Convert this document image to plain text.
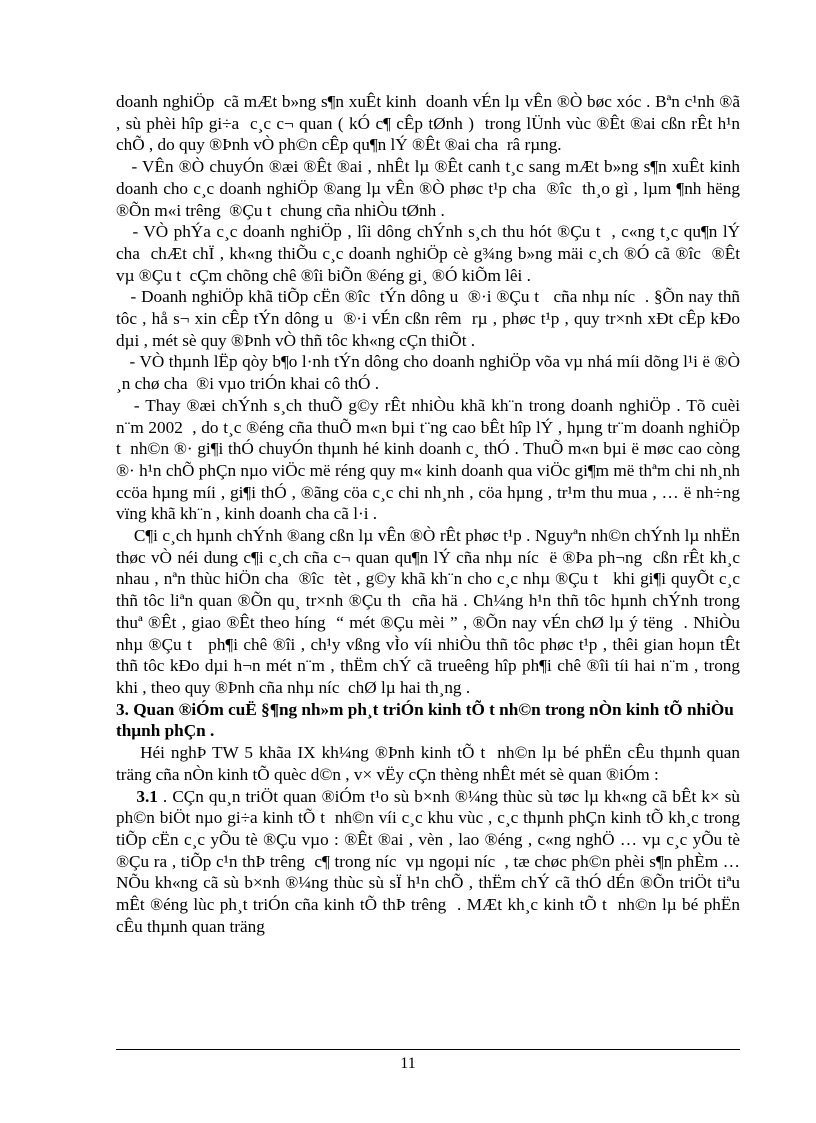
doanh nghiÖp  cã mÆt b»ng s¶n xuÊt kinh  doanh vÉn lµ vÊn ®Ò bøc xóc . Bªn c¹nh ®ã , sù phèi hîp gi÷a  c¸c c¬ quan ( kÓ c¶ cÊp tØnh )  trong lÜnh vùc ®Êt ®ai cßn rÊt h¹n chÕ , do quy ®Þnh vÒ ph©n cÊp qu¶n lÝ ®Êt ®ai cha  râ rµng.

- VÊn ®Ò chuyÓn ®æi ®Êt ®ai , nhÊt lµ ®Êt canh t¸c sang mÆt b»ng s¶n xuÊt kinh doanh cho c¸c doanh nghiÖp ®ang lµ vÊn ®Ò phøc t¹p cha  ®îc  th¸o gì , lµm ¶nh hëng  ®Õn m«i trêng  ®Çu t  chung cña nhiÒu tØnh .

- VÒ phÝa c¸c doanh nghiÖp , lîi dông chÝnh s¸ch thu hót ®Çu t  , c«ng t¸c qu¶n lÝ cha  chÆt chÏ , kh«ng thiÕu c¸c doanh nghiÖp cè g¾ng b»ng mäi c¸ch ®Ó cã ®îc  ®Êt vµ ®Çu t  cÇm chõng chê ®îi biÕn ®éng gi¸ ®Ó kiÕm lêi .

- Doanh nghiÖp khã tiÕp cËn ®îc  tÝn dông u  ®·i ®Çu t   cña nhµ níc  . §Õn nay thñ tôc , hå s¬ xin cÊp tÝn dông u  ®·i vÉn cßn rêm  rµ , phøc t¹p , quy tr×nh xÐt cÊp kÐo dµi , mét sè quy ®Þnh vÒ thñ tôc kh«ng cÇn thiÕt .

- VÒ thµnh lËp qòy b¶o l·nh tÝn dông cho doanh nghiÖp võa vµ nhá míi dõng l¹i ë ®Ò ¸n chø cha  ®i vµo triÓn khai cô thÓ .

- Thay ®æi chÝnh s¸ch thuÕ g©y rÊt nhiÒu khã kh¨n trong doanh nghiÖp . Tõ cuèi n¨m 2002  , do t¸c ®éng cña thuÕ m«n bµi t¨ng cao bÊt hîp lÝ , hµng tr¨m doanh nghiÖp t  nh©n ®· gi¶i thÓ chuyÓn thµnh hé kinh doanh c¸ thÓ . ThuÕ m«n bµi ë møc cao còng ®· h¹n chÕ phÇn nµo viÖc më réng quy m« kinh doanh qua viÖc gi¶m më thªm chi nh¸nh ccöa hµng míi , gi¶i thÓ , ®ãng cöa c¸c chi nh¸nh , cöa hµng , tr¹m thu mua , … ë nh÷ng vïng khã kh¨n , kinh doanh cha cã l·i .

C¶i c¸ch hµnh chÝnh ®ang cßn lµ vÊn ®Ò rÊt phøc t¹p . Nguyªn nh©n chÝnh lµ nhËn thøc vÒ néi dung c¶i c¸ch cña c¬ quan qu¶n lÝ cña nhµ níc  ë ®Þa ph¬ng  cßn rÊt kh¸c nhau , nªn thùc hiÖn cha  ®îc  tèt , g©y khã kh¨n cho c¸c nhµ ®Çu t   khi gi¶i quyÕt c¸c thñ tôc liªn quan ®Õn qu¸ tr×nh ®Çu th  cña hä . Ch¼ng h¹n thñ tôc hµnh chÝnh trong thuª ®Êt , giao ®Êt theo híng  “ mét ®Çu mèi ” , ®Õn nay vÉn chØ lµ ý tëng  . NhiÒu nhµ ®Çu t   ph¶i chê ®îi , ch¹y vßng vÌo víi nhiÒu thñ tôc phøc t¹p , thêi gian hoµn tÊt thñ tôc kÐo dµi h¬n mét n¨m , thËm chÝ cã trueêng hîp ph¶i chê ®îi tíi hai n¨m , trong khi , theo quy ®Þnh cña nhµ níc  chØ lµ hai th¸ng .

3. Quan ®iÓm cuË §¶ng nh»m ph¸t triÓn kinh tÕ t nh©n trong nÒn kinh tÕ nhiÒu thµnh phÇn .

Héi nghÞ TW 5 khãa IX kh¼ng ®Þnh kinh tÕ t  nh©n lµ bé phËn cÊu thµnh quan träng cña nÒn kinh tÕ quèc d©n , v× vËy cÇn thèng nhÊt mét sè quan ®iÓm :

3.1 . CÇn qu¸n triÖt quan ®iÓm t¹o sù b×nh ®¼ng thùc sù tøc lµ kh«ng cã bÊt k× sù ph©n biÖt nµo gi÷a kinh tÕ t  nh©n víi c¸c khu vùc , c¸c thµnh phÇn kinh tÕ kh¸c trong tiÕp cËn c¸c yÕu tè ®Çu vµo : ®Êt ®ai , vèn , lao ®éng , c«ng nghÖ … vµ c¸c yÕu tè ®Çu ra , tiÕp c¹n thÞ trêng  c¶ trong níc  vµ ngoµi níc  , tæ chøc ph©n phèi s¶n phÈm … NÕu kh«ng cã sù b×nh ®¼ng thùc sù sÏ h¹n chÕ , thËm chÝ cã thÓ dÉn ®Õn triÖt tiªu mÊt ®éng lùc ph¸t triÓn cña kinh tÕ thÞ trêng  . MÆt kh¸c kinh tÕ t  nh©n lµ bé phËn cÊu thµnh quan träng

11
